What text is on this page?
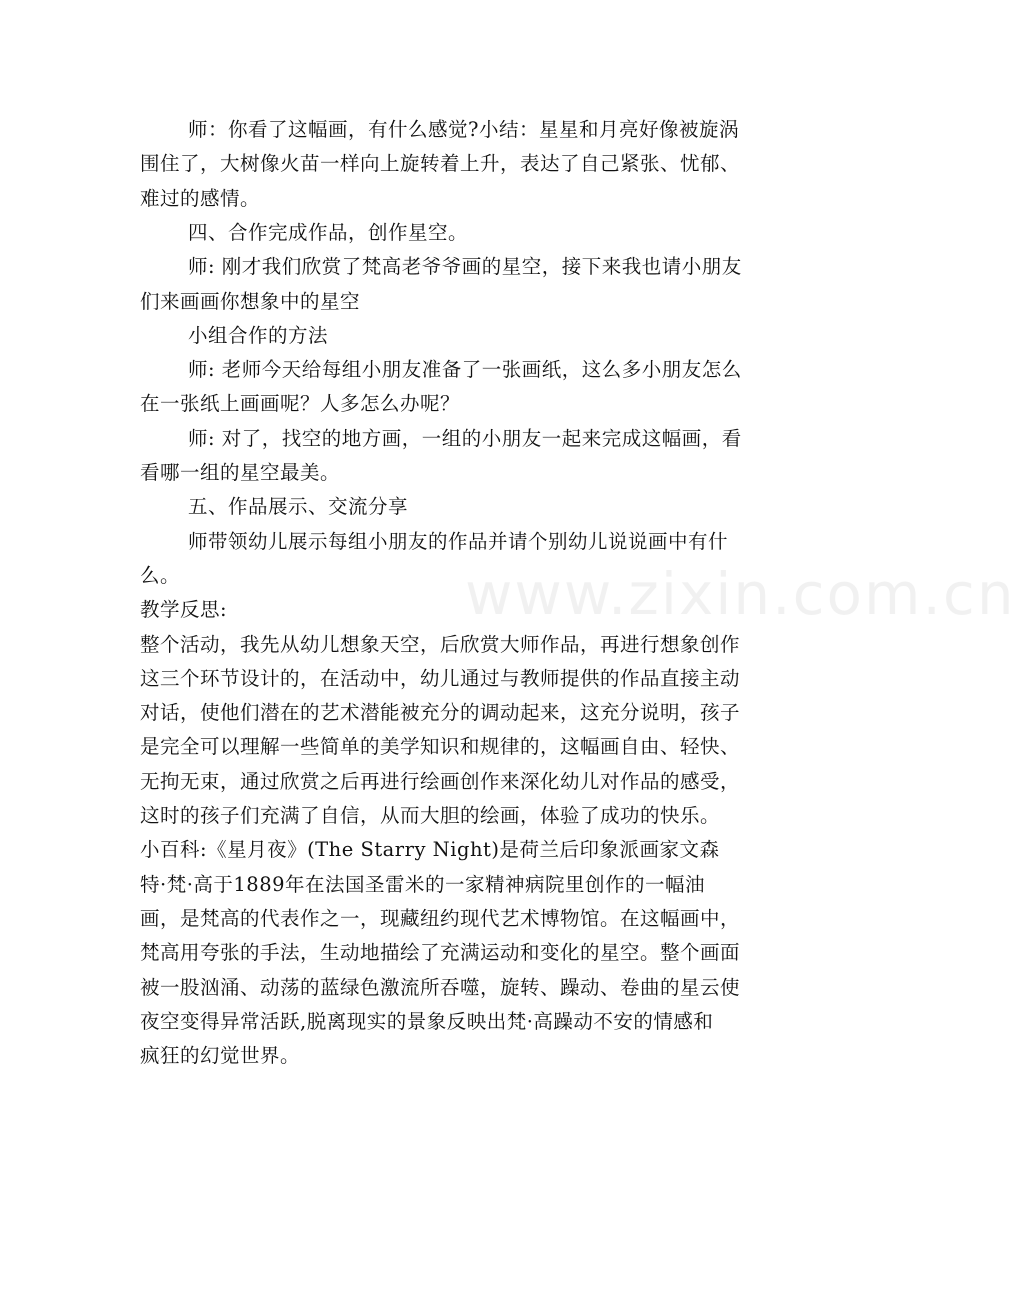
www.zixin.com.cn
师：你看了这幅画，有什么感觉?小结：星星和月亮好像被旋涡
围住了，大树像火苗一样向上旋转着上升，表达了自己紧张、忧郁、
难过的感情。
四、合作完成作品，创作星空。
师: 刚才我们欣赏了梵高老爷爷画的星空，接下来我也请小朋友
们来画画你想象中的星空
小组合作的方法
师: 老师今天给每组小朋友准备了一张画纸，这么多小朋友怎么
在一张纸上画画呢？人多怎么办呢？
师: 对了，找空的地方画，一组的小朋友一起来完成这幅画，看
看哪一组的星空最美。
五、作品展示、交流分享
师带领幼儿展示每组小朋友的作品并请个别幼儿说说画中有什
么。
教学反思:
整个活动，我先从幼儿想象天空，后欣赏大师作品，再进行想象创作
这三个环节设计的，在活动中，幼儿通过与教师提供的作品直接主动
对话，使他们潜在的艺术潜能被充分的调动起来，这充分说明，孩子
是完全可以理解一些简单的美学知识和规律的，这幅画自由、轻快、
无拘无束，通过欣赏之后再进行绘画创作来深化幼儿对作品的感受，
这时的孩子们充满了自信，从而大胆的绘画，体验了成功的快乐。
小百科:《星月夜》(The Starry Night)是荷兰后印象派画家文森
特·梵·高于1889年在法国圣雷米的一家精神病院里创作的一幅油
画，是梵高的代表作之一，现藏纽约现代艺术博物馆。在这幅画中，
梵高用夸张的手法，生动地描绘了充满运动和变化的星空。整个画面
被一股汹涌、动荡的蓝绿色激流所吞噬，旋转、躁动、卷曲的星云使
夜空变得异常活跃,脱离现实的景象反映出梵·高躁动不安的情感和
疯狂的幻觉世界。
